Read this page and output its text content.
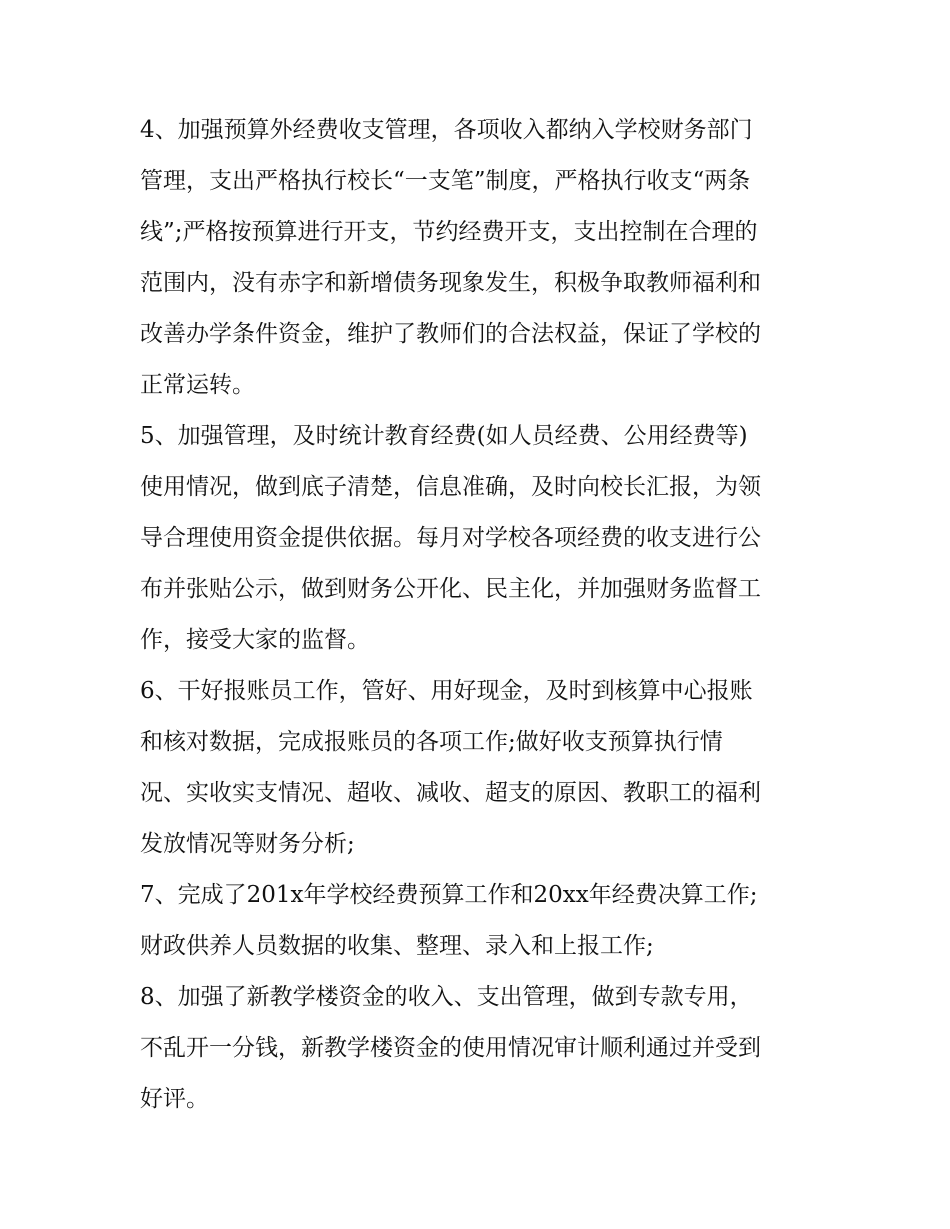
4、加强预算外经费收支管理，各项收入都纳入学校财务部门
管理，支出严格执行校长“一支笔”制度，严格执行收支“两条
线”;严格按预算进行开支，节约经费开支，支出控制在合理的
范围内，没有赤字和新增债务现象发生，积极争取教师福利和
改善办学条件资金，维护了教师们的合法权益，保证了学校的
正常运转。
5、加强管理，及时统计教育经费(如人员经费、公用经费等)
使用情况，做到底子清楚，信息准确，及时向校长汇报，为领
导合理使用资金提供依据。每月对学校各项经费的收支进行公
布并张贴公示，做到财务公开化、民主化，并加强财务监督工
作，接受大家的监督。
6、干好报账员工作，管好、用好现金，及时到核算中心报账
和核对数据，完成报账员的各项工作;做好收支预算执行情
况、实收实支情况、超收、减收、超支的原因、教职工的福利
发放情况等财务分析;
7、完成了201x年学校经费预算工作和20xx年经费决算工作;
财政供养人员数据的收集、整理、录入和上报工作;
8、加强了新教学楼资金的收入、支出管理，做到专款专用，
不乱开一分钱，新教学楼资金的使用情况审计顺利通过并受到
好评。
